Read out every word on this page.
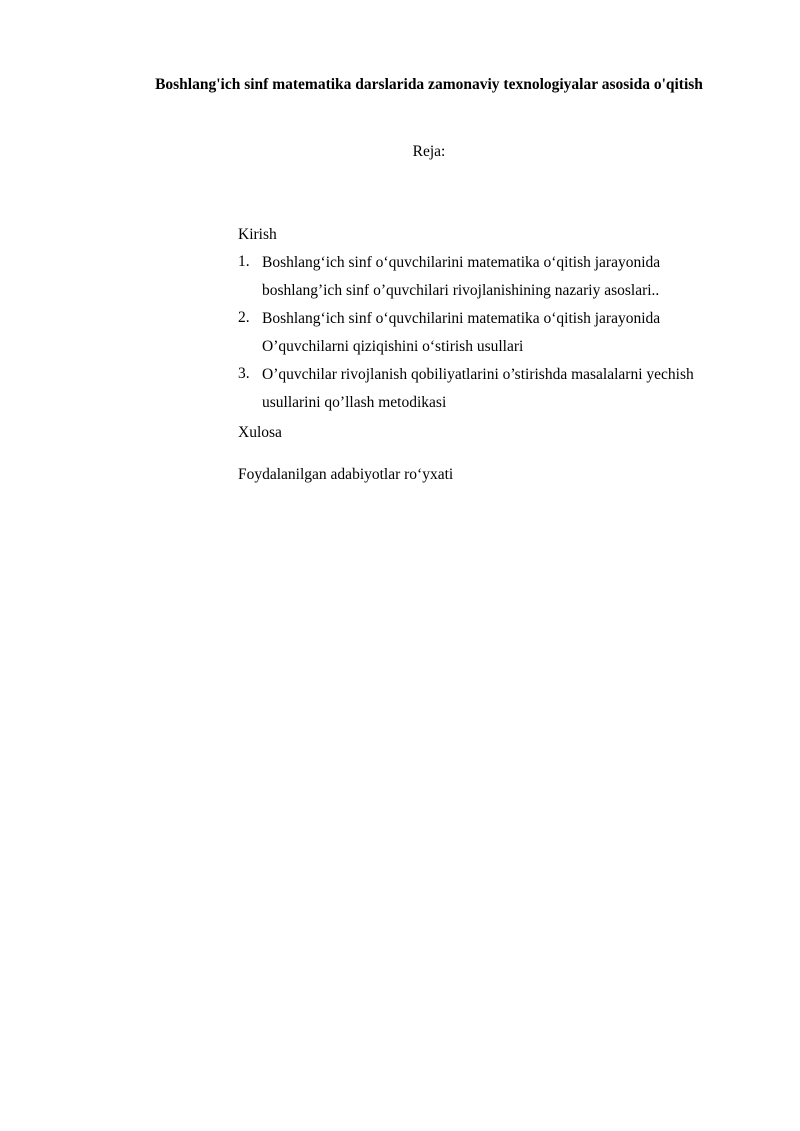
Boshlang'ich sinf matematika darslarida zamonaviy texnologiyalar asosida o'qitish
Reja:
Kirish
1. Boshlang‘ich sinf o‘quvchilarini matematika o‘qitish jarayonida
boshlang’ich sinf o’quvchilari rivojlanishining nazariy asoslari..
2. Boshlang‘ich sinf o‘quvchilarini matematika o‘qitish jarayonida
O’quvchilarni qiziqishini o‘stirish usullari
3. O’quvchilar rivojlanish qobiliyatlarini o’stirishda masalalarni yechish
usullarini qo’llash metodikasi
Xulosa
Foydalanilgan adabiyotlar ro‘yxati
